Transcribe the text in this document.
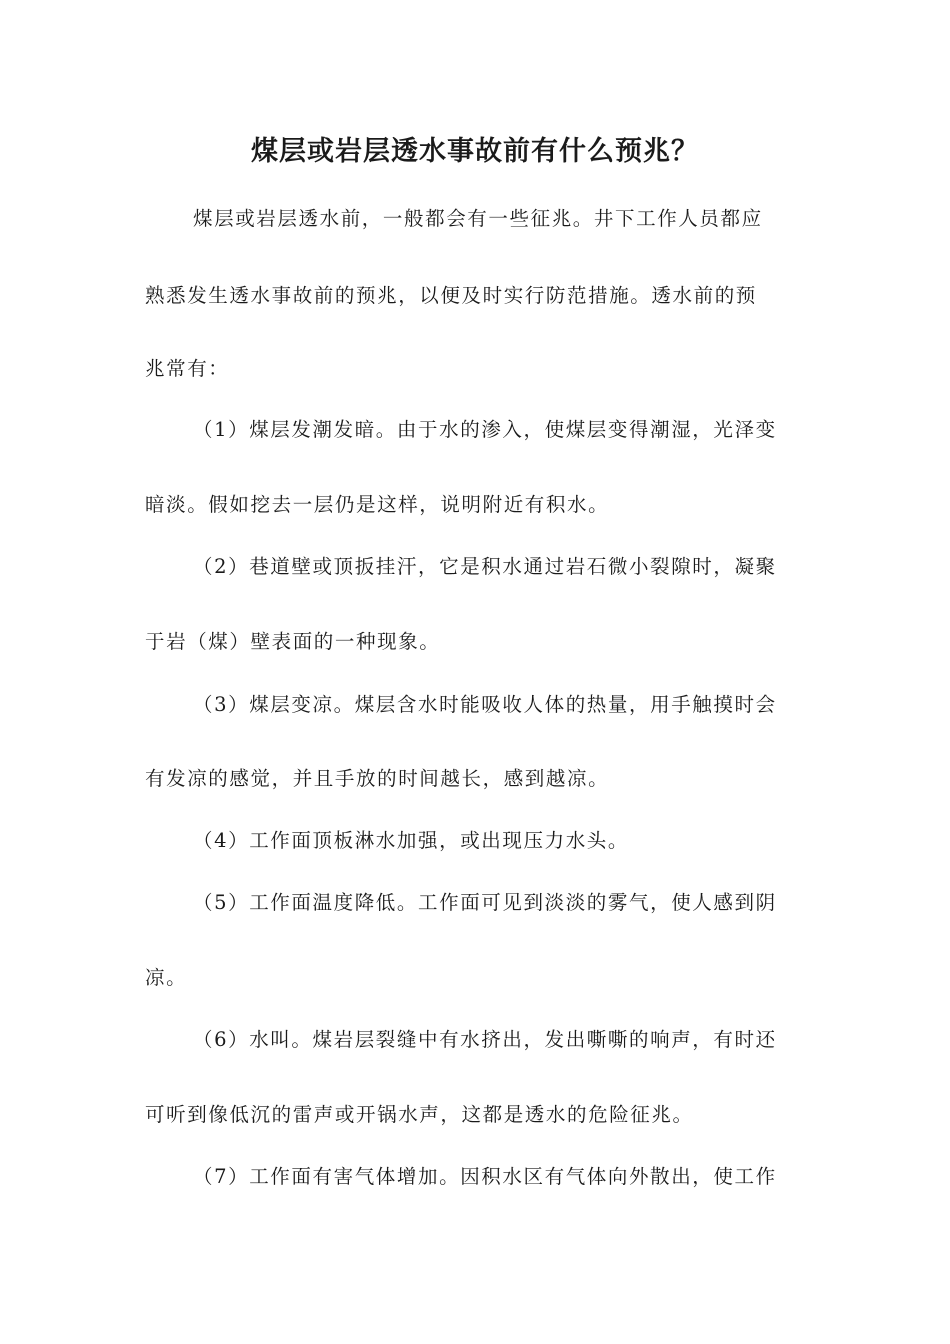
煤层或岩层透水事故前有什么预兆？

煤层或岩层透水前，一般都会有一些征兆。井下工作人员都应

熟悉发生透水事故前的预兆，以便及时实行防范措施。透水前的预

兆常有：

（1）煤层发潮发暗。由于水的渗入，使煤层变得潮湿，光泽变

暗淡。假如挖去一层仍是这样，说明附近有积水。

（2）巷道壁或顶扳挂汗，它是积水通过岩石微小裂隙时，凝聚

于岩（煤）壁表面的一种现象。

（3）煤层变凉。煤层含水时能吸收人体的热量，用手触摸时会

有发凉的感觉，并且手放的时间越长，感到越凉。

（4）工作面顶板淋水加强，或出现压力水头。

（5）工作面温度降低。工作面可见到淡淡的雾气，使人感到阴

凉。

（6）水叫。煤岩层裂缝中有水挤出，发出嘶嘶的响声，有时还

可听到像低沉的雷声或开锅水声，这都是透水的危险征兆。

（7）工作面有害气体增加。因积水区有气体向外散出，使工作
